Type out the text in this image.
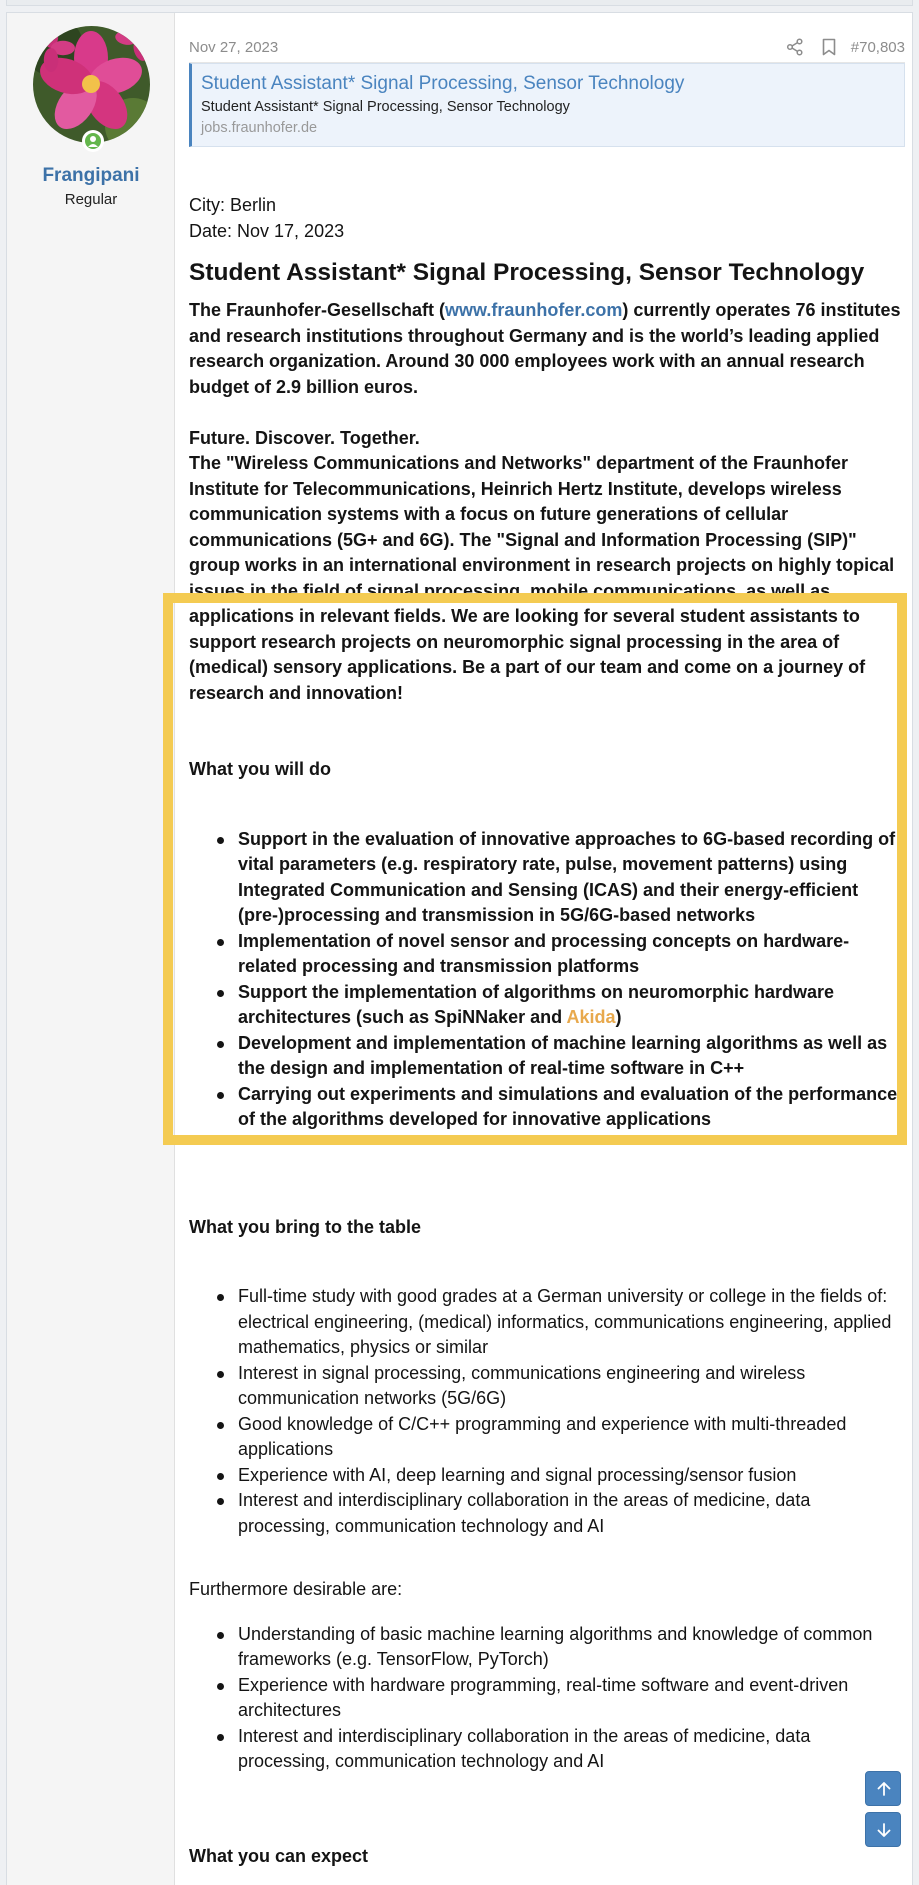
Frangipani
Regular
Nov 27, 2023	#70,803
Student Assistant* Signal Processing, Sensor Technology
Student Assistant* Signal Processing, Sensor Technology
jobs.fraunhofer.de

City: Berlin

Date: Nov 17, 2023

Student Assistant* Signal Processing, Sensor Technology

The Fraunhofer-Gesellschaft (www.fraunhofer.com) currently operates 76 institutes and research institutions throughout Germany and is the world’s leading applied research organization. Around 30 000 employees work with an annual research budget of 2.9 billion euros.

Future. Discover. Together.

The "Wireless Communications and Networks" department of the Fraunhofer Institute for Telecommunications, Heinrich Hertz Institute, develops wireless communication systems with a focus on future generations of cellular communications (5G+ and 6G). The "Signal and Information Processing (SIP)" group works in an international environment in research projects on highly topical issues in the field of signal processing, mobile communications, as well as applications in relevant fields. We are looking for several student assistants to support research projects on neuromorphic signal processing in the area of (medical) sensory applications. Be a part of our team and come on a journey of research and innovation!

What you will do

Support in the evaluation of innovative approaches to 6G-based recording of vital parameters (e.g. respiratory rate, pulse, movement patterns) using Integrated Communication and Sensing (ICAS) and their energy-efficient (pre-)processing and transmission in 5G/6G-based networks
Implementation of novel sensor and processing concepts on hardware-related processing and transmission platforms
Support the implementation of algorithms on neuromorphic hardware architectures (such as SpiNNaker and Akida)
Development and implementation of machine learning algorithms as well as the design and implementation of real-time software in C++
Carrying out experiments and simulations and evaluation of the performance of the algorithms developed for innovative applications

What you bring to the table

Full-time study with good grades at a German university or college in the fields of: electrical engineering, (medical) informatics, communications engineering, applied mathematics, physics or similar
Interest in signal processing, communications engineering and wireless communication networks (5G/6G)
Good knowledge of C/C++ programming and experience with multi-threaded applications
Experience with AI, deep learning and signal processing/sensor fusion
Interest and interdisciplinary collaboration in the areas of medicine, data processing, communication technology and AI

Furthermore desirable are:

Understanding of basic machine learning algorithms and knowledge of common frameworks (e.g. TensorFlow, PyTorch)
Experience with hardware programming, real-time software and event-driven architectures
Interest and interdisciplinary collaboration in the areas of medicine, data processing, communication technology and AI

What you can expect
